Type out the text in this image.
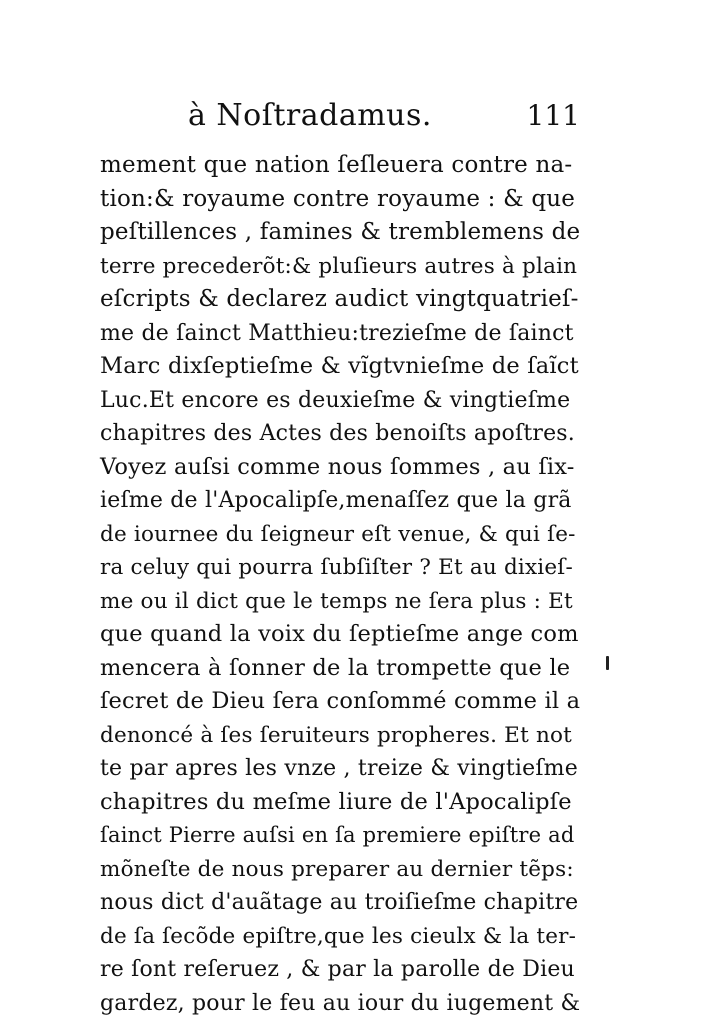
à Noſtradamus.	111
mement que nation ſeſleuera contre na-
tion:& royaume contre royaume : & que
peſtillences , famines & tremblemens de
terre precederõt:& pluſieurs autres à plain
eſcripts & declarez audict vingtquatrieſ-
me de ſainct Matthieu:trezieſme de ſainct
Marc dixſeptieſme & vĩgtvnieſme de ſaĩct
Luc.Et encore es deuxieſme & vingtieſme
chapitres des Actes des benoiſts apoſtres.
Voyez auſsi comme nous ſommes , au ſix-
ieſme de l'Apocalipſe,menaſſez que la grã
de iournee du ſeigneur eſt venue, & qui ſe-
ra celuy qui pourra ſubſiſter ? Et au dixieſ-
me ou il dict que le temps ne ſera plus : Et
que quand la voix du ſeptieſme ange com
mencera à ſonner de la trompette que le
ſecret de Dieu ſera conſommé comme il a
denoncé à ſes ſeruiteurs propheres. Et not
te par apres les vnze , treize & vingtieſme
chapitres du meſme liure de l'Apocalipſe
ſainct Pierre auſsi en ſa premiere epiſtre ad
mõneſte de nous preparer au dernier tẽps:
nous dict d'auãtage au troiſieſme chapitre
de ſa ſecõde epiſtre,que les cieulx & la ter-
re ſont reſeruez , & par la parolle de Dieu
gardez, pour le feu au iour du iugement &
